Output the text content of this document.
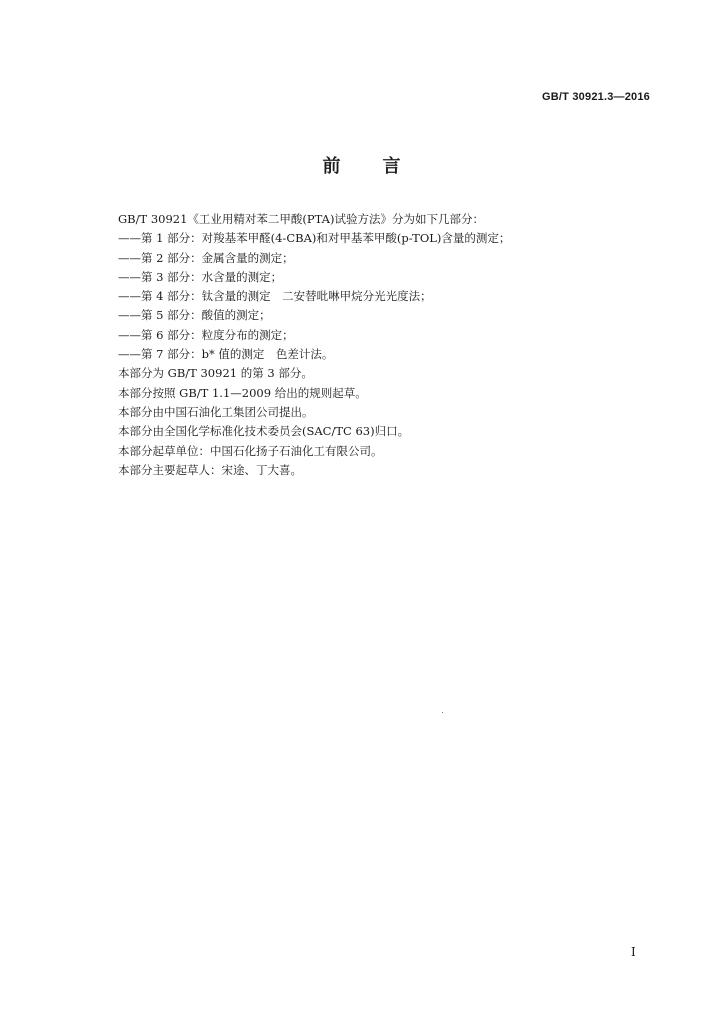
GB/T 30921.3—2016
前　　言
GB/T 30921《工业用精对苯二甲酸(PTA)试验方法》分为如下几部分：
——第 1 部分：对羧基苯甲醛(4-CBA)和对甲基苯甲酸(p-TOL)含量的测定；
——第 2 部分：金属含量的测定；
——第 3 部分：水含量的测定；
——第 4 部分：钛含量的测定　二安替吡啉甲烷分光光度法；
——第 5 部分：酸值的测定；
——第 6 部分：粒度分布的测定；
——第 7 部分：b* 值的测定　色差计法。
本部分为 GB/T 30921 的第 3 部分。
本部分按照 GB/T 1.1—2009 给出的规则起草。
本部分由中国石油化工集团公司提出。
本部分由全国化学标准化技术委员会(SAC/TC 63)归口。
本部分起草单位：中国石化扬子石油化工有限公司。
本部分主要起草人：宋途、丁大喜。
I
